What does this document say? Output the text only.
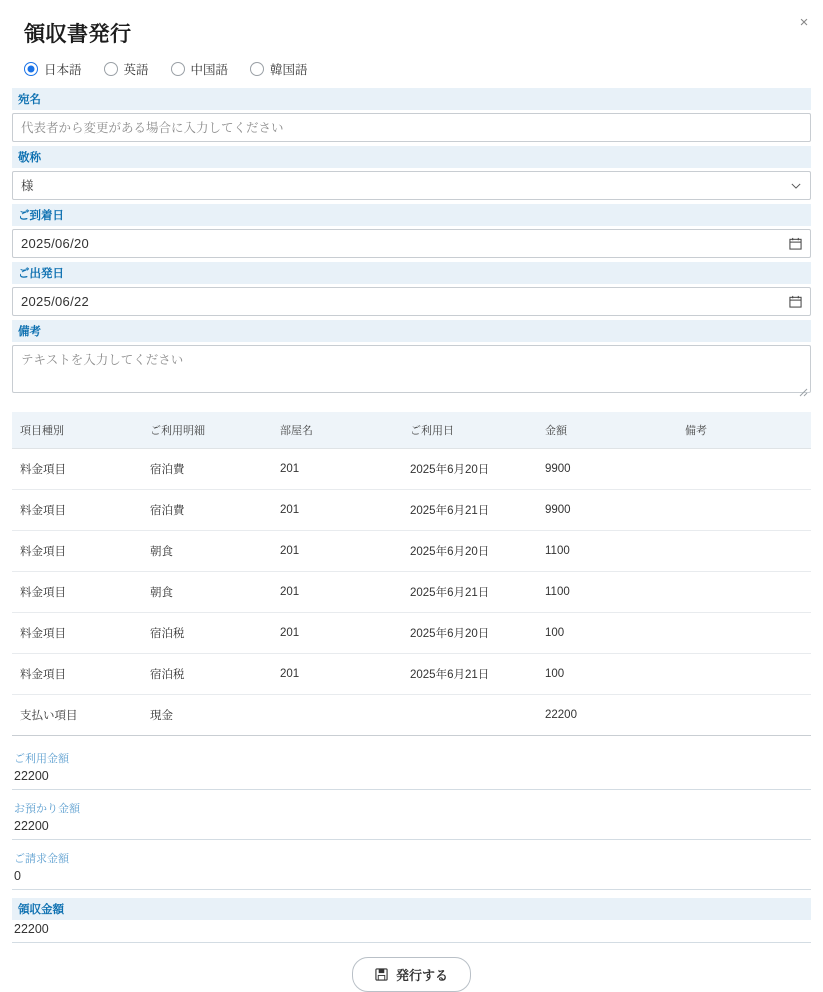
×
領収書発行
日本語	英語	中国語	韓国語
宛名
代表者から変更がある場合に入力してください
敬称
様
ご到着日
2025/06/20
ご出発日
2025/06/22
備考
テキストを入力してください
項目種別	ご利用明細	部屋名	ご利用日	金額	備考
料金項目	宿泊費	201	2025年6月20日	9900	
料金項目	宿泊費	201	2025年6月21日	9900	
料金項目	朝食	201	2025年6月20日	1100	
料金項目	朝食	201	2025年6月21日	1100	
料金項目	宿泊税	201	2025年6月20日	100	
料金項目	宿泊税	201	2025年6月21日	100	
支払い項目	現金			22200	
ご利用金額
22200
お預かり金額
22200
ご請求金額
0
領収金額
22200
発行する
